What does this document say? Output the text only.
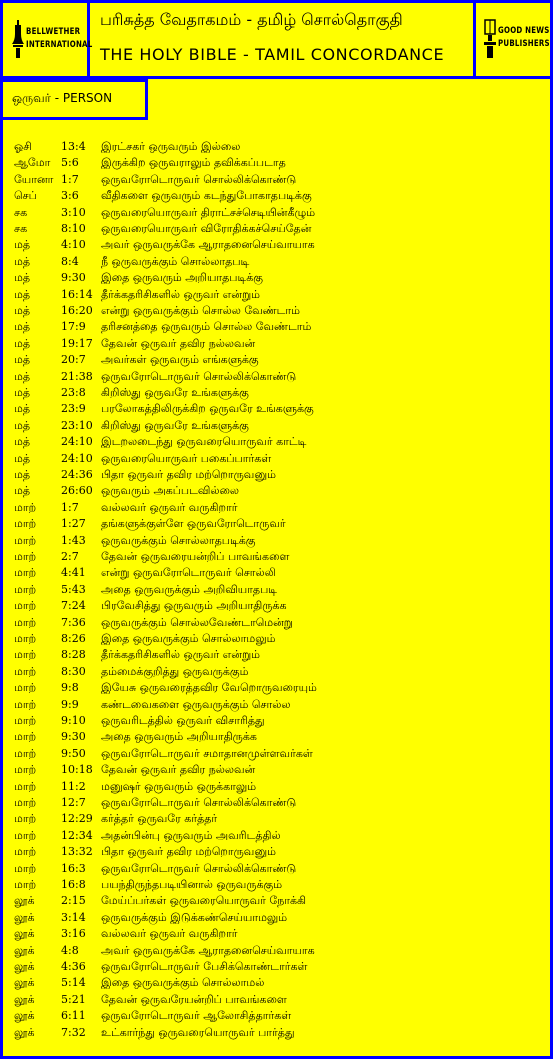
BELLWETHER
INTERNATIONAL
பரிசுத்த வேதாகமம் - தமிழ் சொல்தொகுதி
THE HOLY BIBLE - TAMIL CONCORDANCE
GOOD NEWS
PUBLISHERS
ஒருவர் - PERSON
ஓசி	13:4 இரட்சகர் ஒருவரும் இல்லை
ஆமோ 5:6 இருக்கிற ஒருவராலும் தவிக்கப்படாத
யோனா 1:7 ஒருவரோடொருவர் சொல்லிக்கொண்டு
செப் 3:6 வீதிகளை ஒருவரும் கடந்துபோகாதபடிக்கு
சக	3:10 ஒருவரையொருவர் திராட்சச்செடியின்கீழும்
சக	8:10 ஒருவரையொருவர் விரோதிக்கச்செய்தேன்
மத்	4:10 அவர் ஒருவருக்கே ஆராதனைசெய்வாயாக
மத்	8:4 நீ ஒருவருக்கும் சொல்லாதபடி
மத்	9:30 இதை ஒருவரும் அறியாதபடிக்கு
மத்	16:14 தீர்க்கதரிசிகளில் ஒருவர் என்றும்
மத்	16:20 என்று ஒருவருக்கும் சொல்ல வேண்டாம்
மத்	17:9 தரிசனத்தை ஒருவரும் சொல்ல வேண்டாம்
மத்	19:17 தேவன் ஒருவர் தவிர நல்லவன்
மத்	20:7 அவர்கள் ஒருவரும் எங்களுக்கு
மத்	21:38 ஒருவரோடொருவர் சொல்லிக்கொண்டு
மத்	23:8 கிறிஸ்து ஒருவரே உங்களுக்கு
மத்	23:9 பரலோகத்திலிருக்கிற ஒருவரே உங்களுக்கு
மத்	23:10 கிறிஸ்து ஒருவரே உங்களுக்கு
மத்	24:10 இடறலடைந்து ஒருவரையொருவர் காட்டி
மத்	24:10 ஒருவரையொருவர் பகைப்பார்கள்
மத்	24:36 பிதா ஒருவர் தவிர மற்றொருவனும்
மத்	26:60 ஒருவரும் அகப்படவில்லை
மாற் 1:7 வல்லவர் ஒருவர் வருகிறார்
மாற் 1:27 தங்களுக்குள்ளே ஒருவரோடொருவர்
மாற் 1:43 ஒருவருக்கும் சொல்லாதபடிக்கு
மாற் 2:7 தேவன் ஒருவரையன்றிப் பாவங்களை
மாற் 4:41 என்று ஒருவரோடொருவர் சொல்லி
மாற் 5:43 அதை ஒருவருக்கும் அறிவியாதபடி
மாற் 7:24 பிரவேசித்து ஒருவரும் அறியாதிருக்க
மாற் 7:36 ஒருவருக்கும் சொல்லவேண்டாமென்று
மாற் 8:26 இதை ஒருவருக்கும் சொல்லாமலும்
மாற் 8:28 தீர்க்கதரிசிகளில் ஒருவர் என்றும்
மாற் 8:30 தம்மைக்குறித்து ஒருவருக்கும்
மாற் 9:8 இயேசு ஒருவரைத்தவிர வேறொருவரையும்
மாற் 9:9 கண்டவைகளை ஒருவருக்கும் சொல்ல
மாற் 9:10 ஒருவரிடத்தில் ஒருவர் விசாரித்து
மாற் 9:30 அதை ஒருவரும் அறியாதிருக்க
மாற் 9:50 ஒருவரோடொருவர் சமாதானமுள்ளவர்கள்
மாற் 10:18 தேவன் ஒருவர் தவிர நல்லவன்
மாற் 11:2 மனுஷர் ஒருவரும் ஒருக்காலும்
மாற் 12:7 ஒருவரோடொருவர் சொல்லிக்கொண்டு
மாற் 12:29 கர்த்தர் ஒருவரே கர்த்தர்
மாற் 12:34 அதன்பின்பு ஒருவரும் அவரிடத்தில்
மாற் 13:32 பிதா ஒருவர் தவிர மற்றொருவனும்
மாற் 16:3 ஒருவரோடொருவர் சொல்லிக்கொண்டு
மாற் 16:8 பயந்திருந்தபடியினால் ஒருவருக்கும்
லூக் 2:15 மேய்ப்பர்கள் ஒருவரையொருவர் நோக்கி
லூக் 3:14 ஒருவருக்கும் இடுக்கண்செய்யாமலும்
லூக் 3:16 வல்லவர் ஒருவர் வருகிறார்
லூக் 4:8 அவர் ஒருவருக்கே ஆராதனைசெய்வாயாக
லூக் 4:36 ஒருவரோடொருவர் பேசிக்கொண்டார்கள்
லூக் 5:14 இதை ஒருவருக்கும் சொல்லாமல்
லூக் 5:21 தேவன் ஒருவரேயன்றிப் பாவங்களை
லூக் 6:11 ஒருவரோடொருவர் ஆலோசித்தார்கள்
லூக் 7:32 உட்கார்ந்து ஒருவரையொருவர் பார்த்து
